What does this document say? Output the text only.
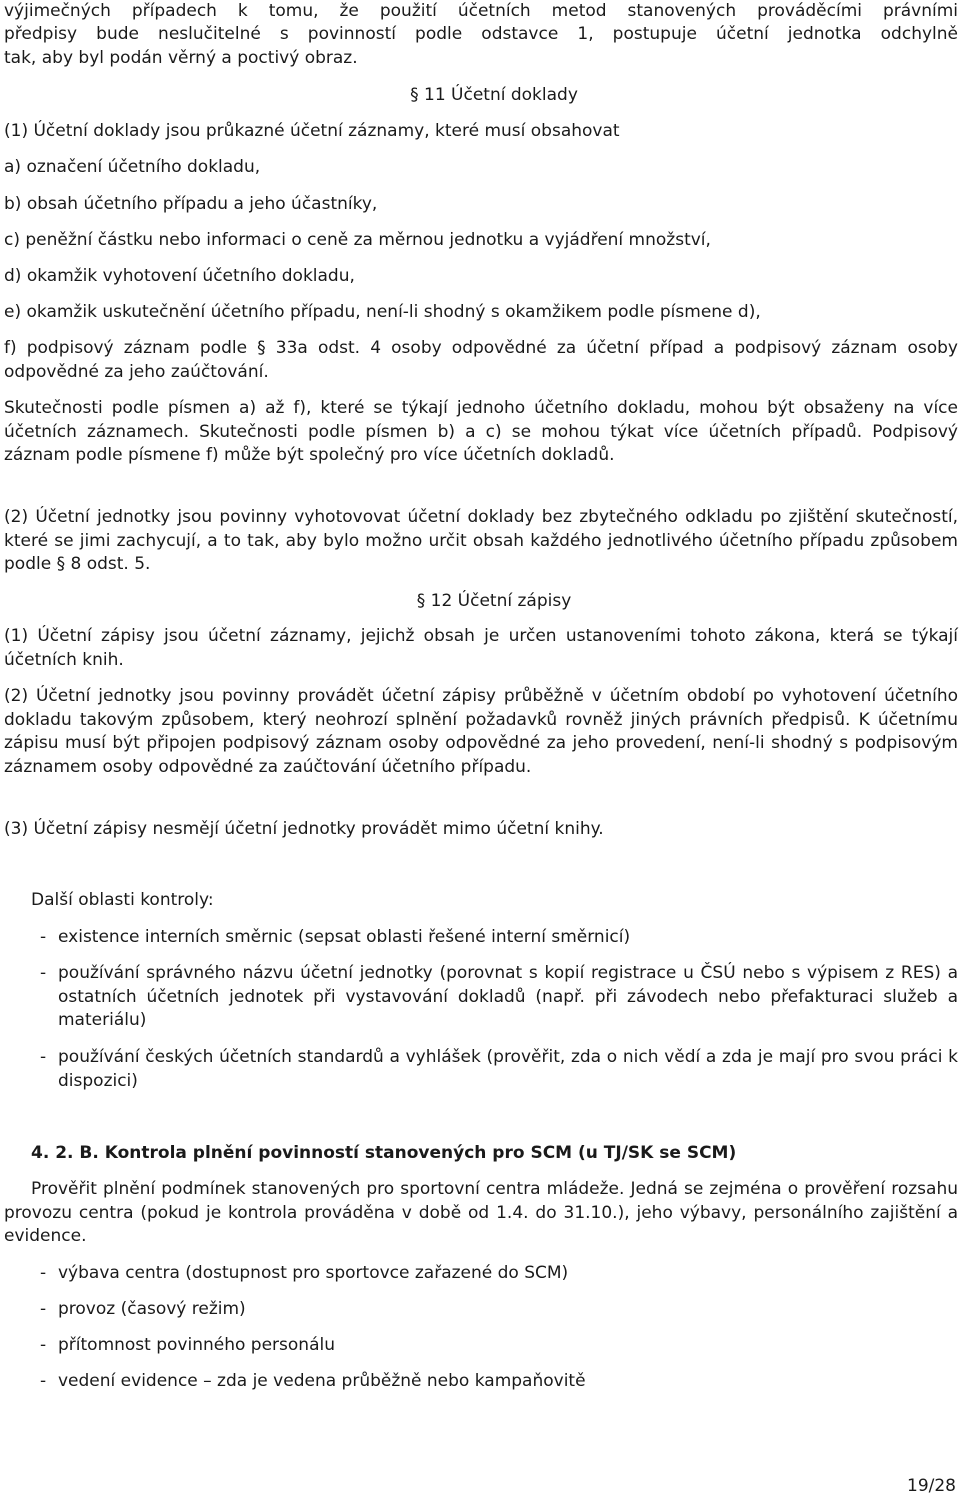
výjimečných případech k tomu, že použití účetních metod stanovených prováděcími právními

předpisy bude neslučitelné s povinností podle odstavce 1, postupuje účetní jednotka odchylně

tak, aby byl podán věrný a poctivý obraz.

§ 11 Účetní doklady

(1) Účetní doklady jsou průkazné účetní záznamy, které musí obsahovat

a) označení účetního dokladu,

b) obsah účetního případu a jeho účastníky,

c) peněžní částku nebo informaci o ceně za měrnou jednotku a vyjádření množství,

d) okamžik vyhotovení účetního dokladu,

e) okamžik uskutečnění účetního případu, není-li shodný s okamžikem podle písmene d),

f) podpisový záznam podle § 33a odst. 4 osoby odpovědné za účetní případ a podpisový záznam osoby odpovědné za jeho zaúčtování.

Skutečnosti podle písmen a) až f), které se týkají jednoho účetního dokladu, mohou být obsaženy na více účetních záznamech. Skutečnosti podle písmen b) a c) se mohou týkat více účetních případů. Podpisový záznam podle písmene f) může být společný pro více účetních dokladů.

(2) Účetní jednotky jsou povinny vyhotovovat účetní doklady bez zbytečného odkladu po zjištění skutečností, které se jimi zachycují, a to tak, aby bylo možno určit obsah každého jednotlivého účetního případu způsobem podle § 8 odst. 5.

§ 12 Účetní zápisy

(1) Účetní zápisy jsou účetní záznamy, jejichž obsah je určen ustanoveními tohoto zákona, která se týkají účetních knih.

(2) Účetní jednotky jsou povinny provádět účetní zápisy průběžně v účetním období po vyhotovení účetního dokladu takovým způsobem, který neohrozí splnění požadavků rovněž jiných právních předpisů. K účetnímu zápisu musí být připojen podpisový záznam osoby odpovědné za jeho provedení, není-li shodný s podpisovým záznamem osoby odpovědné za zaúčtování účetního případu.

(3) Účetní zápisy nesmějí účetní jednotky provádět mimo účetní knihy.

Další oblasti kontroly:

- existence interních směrnic (sepsat oblasti řešené interní směrnicí)
- používání správného názvu účetní jednotky (porovnat s kopií registrace u ČSÚ nebo s výpisem z RES) a ostatních účetních jednotek při vystavování dokladů (např. při závodech nebo přefakturaci služeb a materiálu)
- používání českých účetních standardů a vyhlášek (prověřit, zda o nich vědí a zda je mají pro svou práci k dispozici)

4. 2. B. Kontrola plnění povinností stanovených pro SCM (u TJ/SK se SCM)

Prověřit plnění podmínek stanovených pro sportovní centra mládeže. Jedná se zejména o prověření rozsahu provozu centra (pokud je kontrola prováděna v době od 1.4. do 31.10.), jeho výbavy, personálního zajištění a evidence.

- výbava centra (dostupnost pro sportovce zařazené do SCM)
- provoz (časový režim)
- přítomnost povinného personálu
- vedení evidence – zda je vedena průběžně nebo kampaňovitě
19/28
